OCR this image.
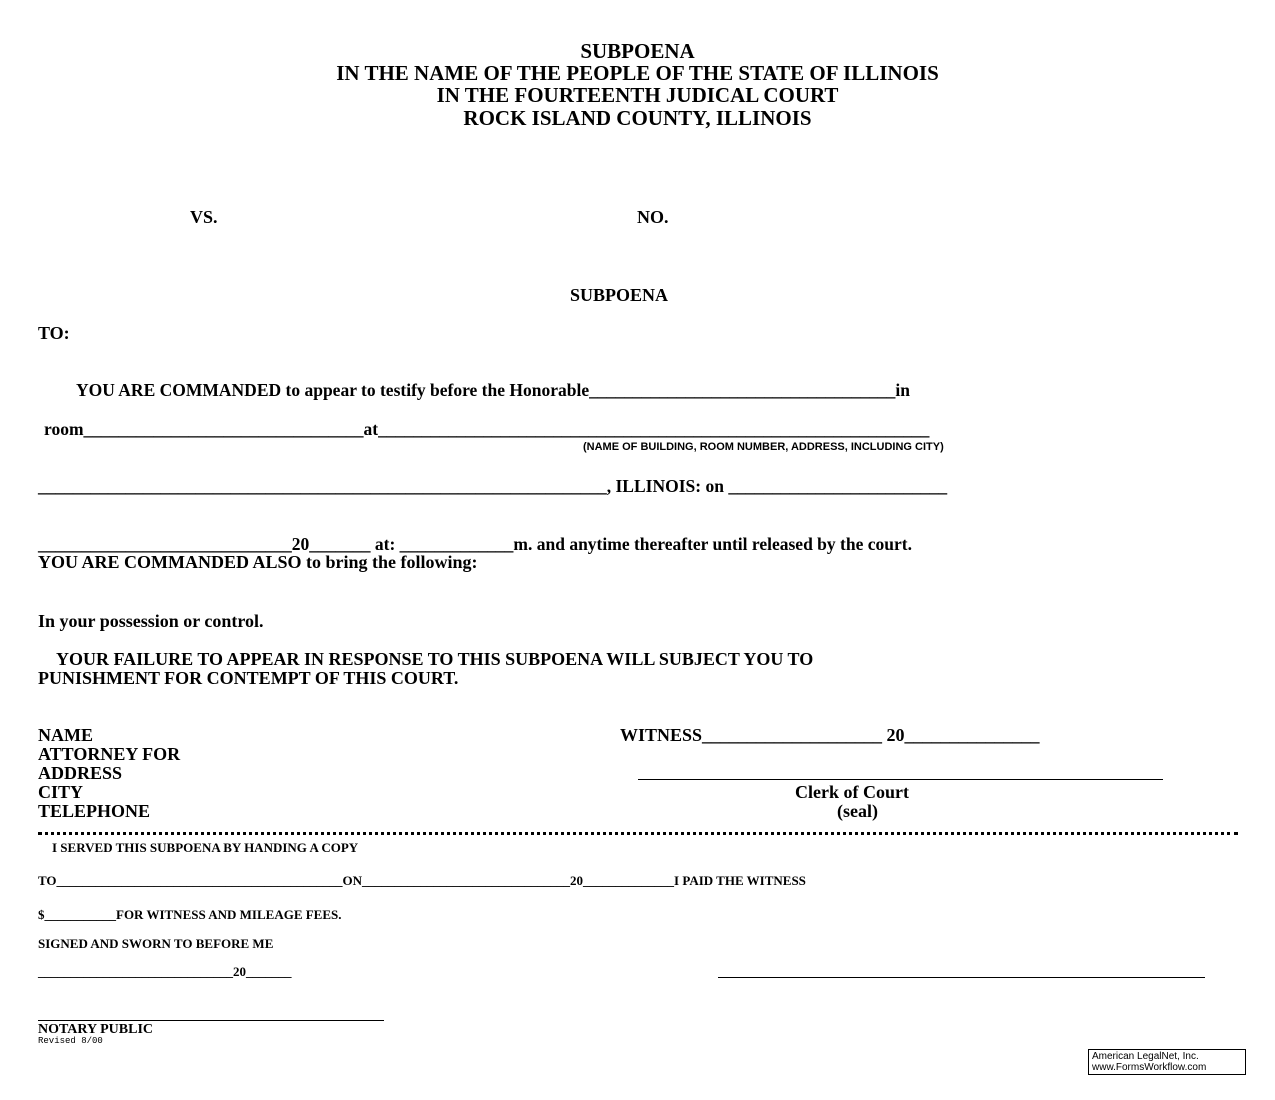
SUBPOENA
IN THE NAME OF THE PEOPLE OF THE STATE OF ILLINOIS
IN THE FOURTEENTH JUDICAL COURT
ROCK ISLAND COUNTY, ILLINOIS
VS.	NO.
SUBPOENA
TO:
YOU ARE COMMANDED to appear to testify before the Honorable___________________________________in
room________________________________at_______________________________________________________________
(NAME OF BUILDING, ROOM NUMBER, ADDRESS, INCLUDING CITY)
_________________________________________________________________, ILLINOIS: on _________________________
_____________________________20_______ at: _____________m. and anytime thereafter until released by the court.
YOU ARE COMMANDED ALSO to bring the following:
In your possession or control.
YOUR FAILURE TO APPEAR IN RESPONSE TO THIS SUBPOENA WILL SUBJECT YOU TO
PUNISHMENT FOR CONTEMPT OF THIS COURT.
NAME
ATTORNEY FOR
ADDRESS
CITY
TELEPHONE
WITNESS____________________ 20_______________
Clerk of Court
(seal)
I SERVED THIS SUBPOENA BY HANDING A COPY
TO____________________________________________ON________________________________20______________I PAID THE WITNESS
$___________FOR WITNESS AND MILEAGE FEES.
SIGNED AND SWORN TO BEFORE ME
______________________________20_______
NOTARY PUBLIC
Revised 8/00
American LegalNet, Inc.
www.FormsWorkflow.com
